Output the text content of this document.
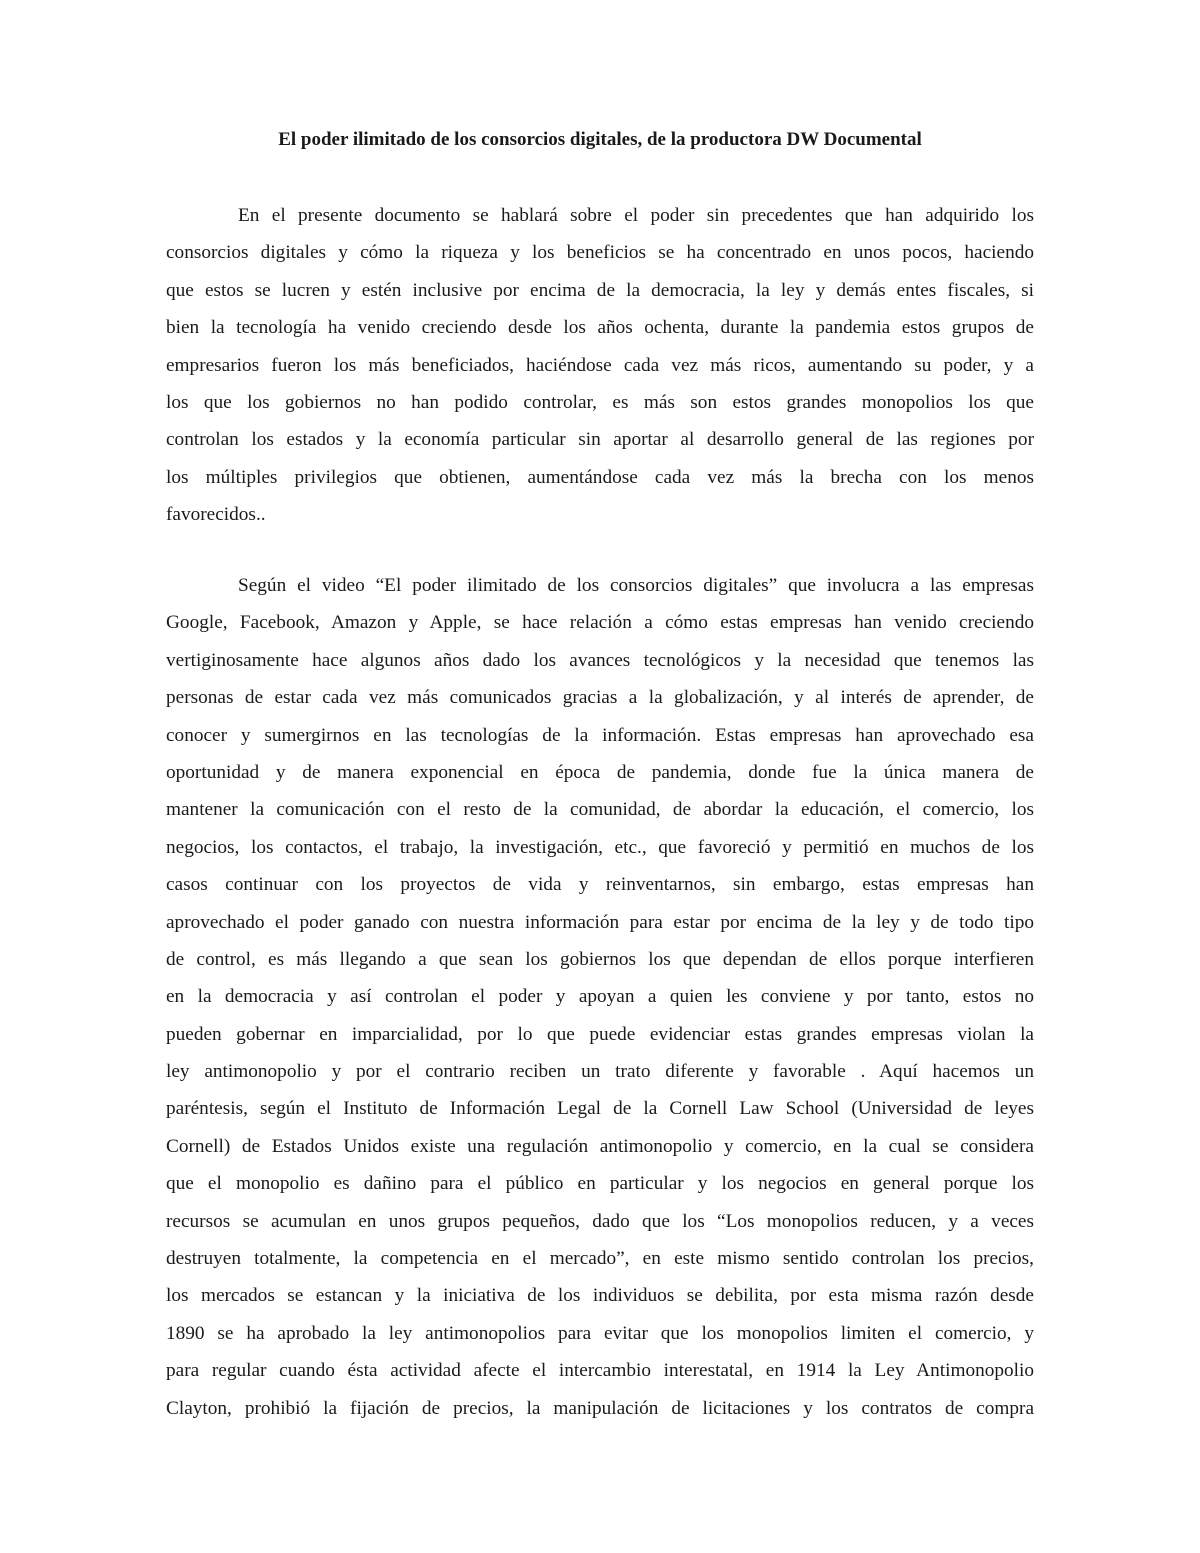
El poder ilimitado de los consorcios digitales, de la productora DW Documental
En el presente documento se hablará sobre el poder sin precedentes que han adquirido los
consorcios digitales y cómo la riqueza y los beneficios se ha concentrado en unos pocos, haciendo
que estos se lucren y estén inclusive por encima de la democracia, la ley y demás entes fiscales, si
bien la tecnología ha venido creciendo desde los años ochenta, durante la pandemia estos grupos de
empresarios fueron los más beneficiados, haciéndose cada vez más ricos, aumentando su poder, y a
los que los gobiernos no han podido controlar, es más son estos grandes monopolios los que
controlan los estados y la economía particular sin aportar al desarrollo general de las regiones por
los múltiples privilegios que obtienen, aumentándose cada vez más la brecha con los menos
favorecidos..
Según el video “El poder ilimitado de los consorcios digitales” que involucra a las empresas
Google, Facebook, Amazon y Apple, se hace relación a cómo estas empresas han venido creciendo
vertiginosamente hace algunos años dado los avances tecnológicos y la necesidad que tenemos las
personas de estar cada vez más comunicados gracias a la globalización, y al interés de aprender, de
conocer y sumergirnos en las tecnologías de la información. Estas empresas han aprovechado esa
oportunidad y de manera exponencial en época de pandemia, donde fue la única manera de
mantener la comunicación con el resto de la comunidad, de abordar la educación, el comercio, los
negocios, los contactos, el trabajo, la investigación, etc., que favoreció y permitió en muchos de los
casos continuar con los proyectos de vida y reinventarnos, sin embargo, estas empresas han
aprovechado el poder ganado con nuestra información para estar por encima de la ley y de todo tipo
de control, es más llegando a que sean los gobiernos los que dependan de ellos porque interfieren
en la democracia y así controlan el poder y apoyan a quien les conviene y por tanto, estos no
pueden gobernar en imparcialidad, por lo que puede evidenciar estas grandes empresas violan la
ley antimonopolio y por el contrario reciben un trato diferente y favorable . Aquí hacemos un
paréntesis, según el Instituto de Información Legal de la Cornell Law School (Universidad de leyes
Cornell) de Estados Unidos existe una regulación antimonopolio y comercio, en la cual se considera
que el monopolio es dañino para el público en particular y los negocios en general porque los
recursos se acumulan en unos grupos pequeños, dado que los “Los monopolios reducen, y a veces
destruyen totalmente, la competencia en el mercado”, en este mismo sentido controlan los precios,
los mercados se estancan y la iniciativa de los individuos se debilita, por esta misma razón desde
1890 se ha aprobado la ley antimonopolios para evitar que los monopolios limiten el comercio, y
para regular cuando ésta actividad afecte el intercambio interestatal, en 1914 la Ley Antimonopolio
Clayton, prohibió la fijación de precios, la manipulación de licitaciones y los contratos de compra
